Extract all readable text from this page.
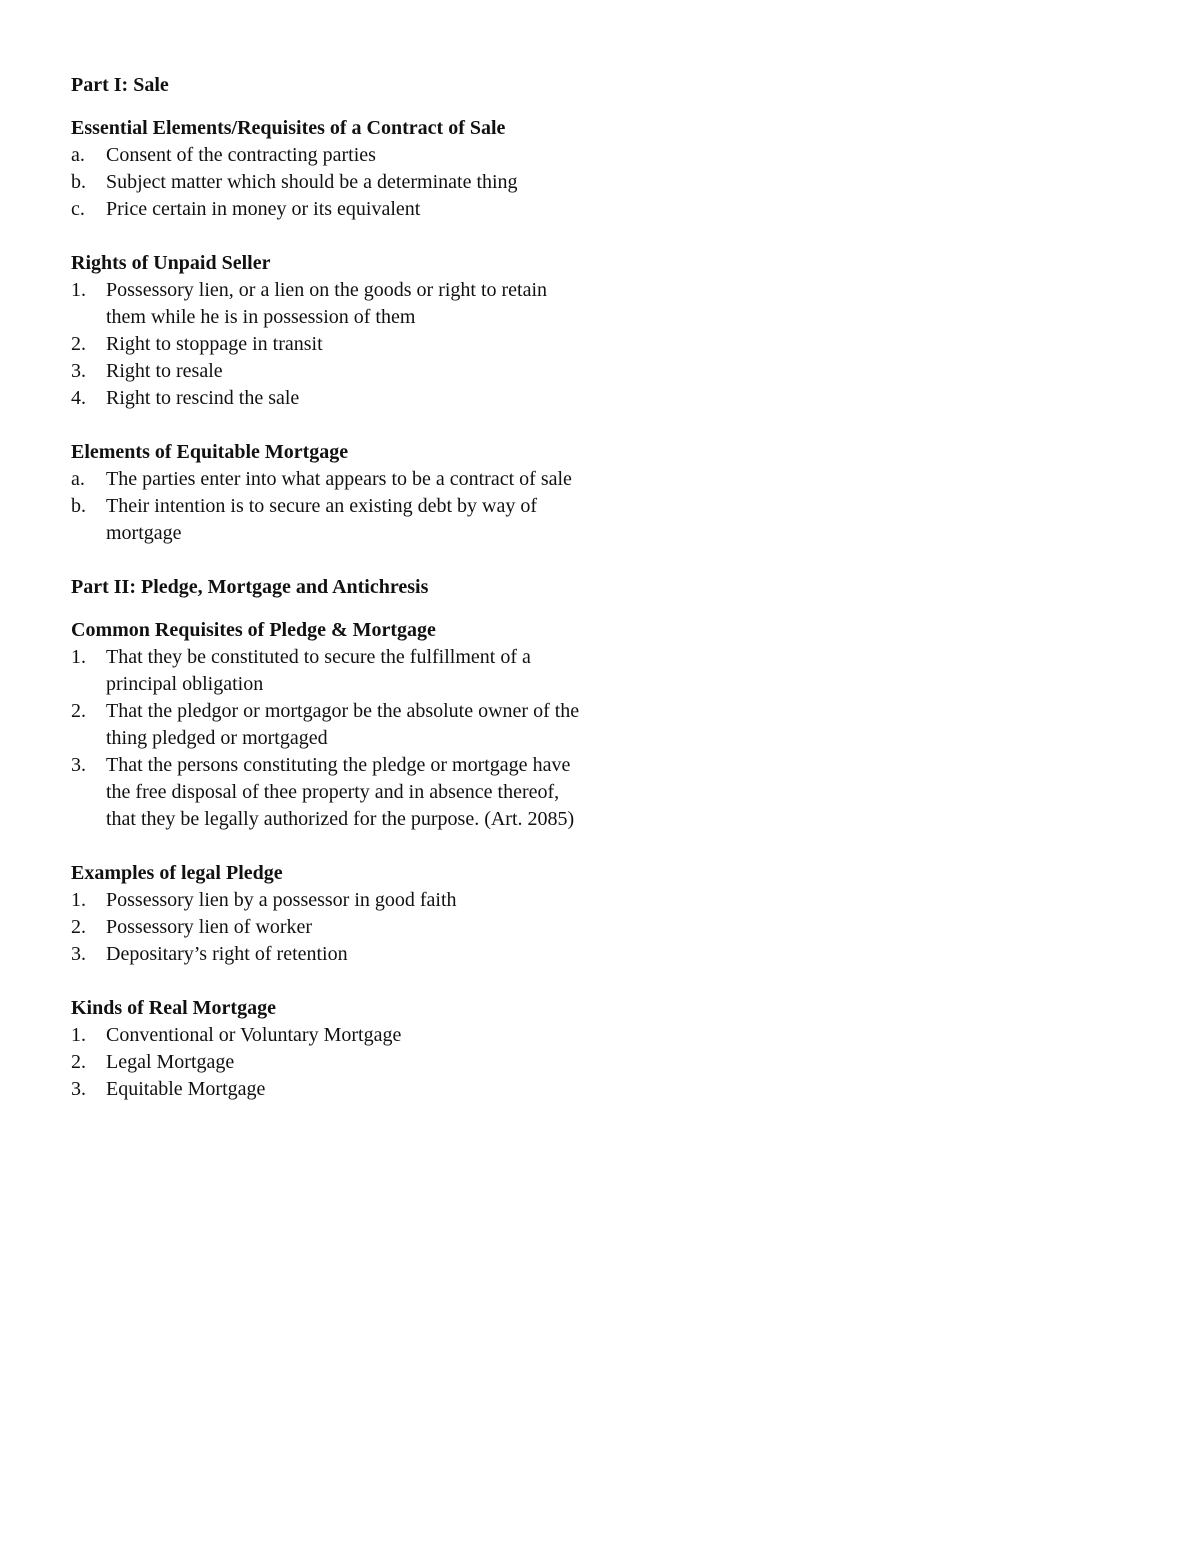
Part I: Sale
Essential Elements/Requisites of a Contract of Sale
a. Consent of the contracting parties
b. Subject matter which should be a determinate thing
c. Price certain in money or its equivalent
Rights of Unpaid Seller
1. Possessory lien, or a lien on the goods or right to retain them while he is in possession of them
2. Right to stoppage in transit
3. Right to resale
4. Right to rescind the sale
Elements of Equitable Mortgage
a. The parties enter into what appears to be a contract of sale
b. Their intention is to secure an existing debt by way of mortgage
Part II: Pledge, Mortgage and Antichresis
Common Requisites of Pledge & Mortgage
1. That they be constituted to secure the fulfillment of a principal obligation
2. That the pledgor or mortgagor be the absolute owner of the thing pledged or mortgaged
3. That the persons constituting the pledge or mortgage have the free disposal of thee property and in absence thereof, that they be legally authorized for the purpose. (Art. 2085)
Examples of legal Pledge
1. Possessory lien by a possessor in good faith
2. Possessory lien of worker
3. Depositary’s right of retention
Kinds of Real Mortgage
1. Conventional or Voluntary Mortgage
2. Legal Mortgage
3. Equitable Mortgage
